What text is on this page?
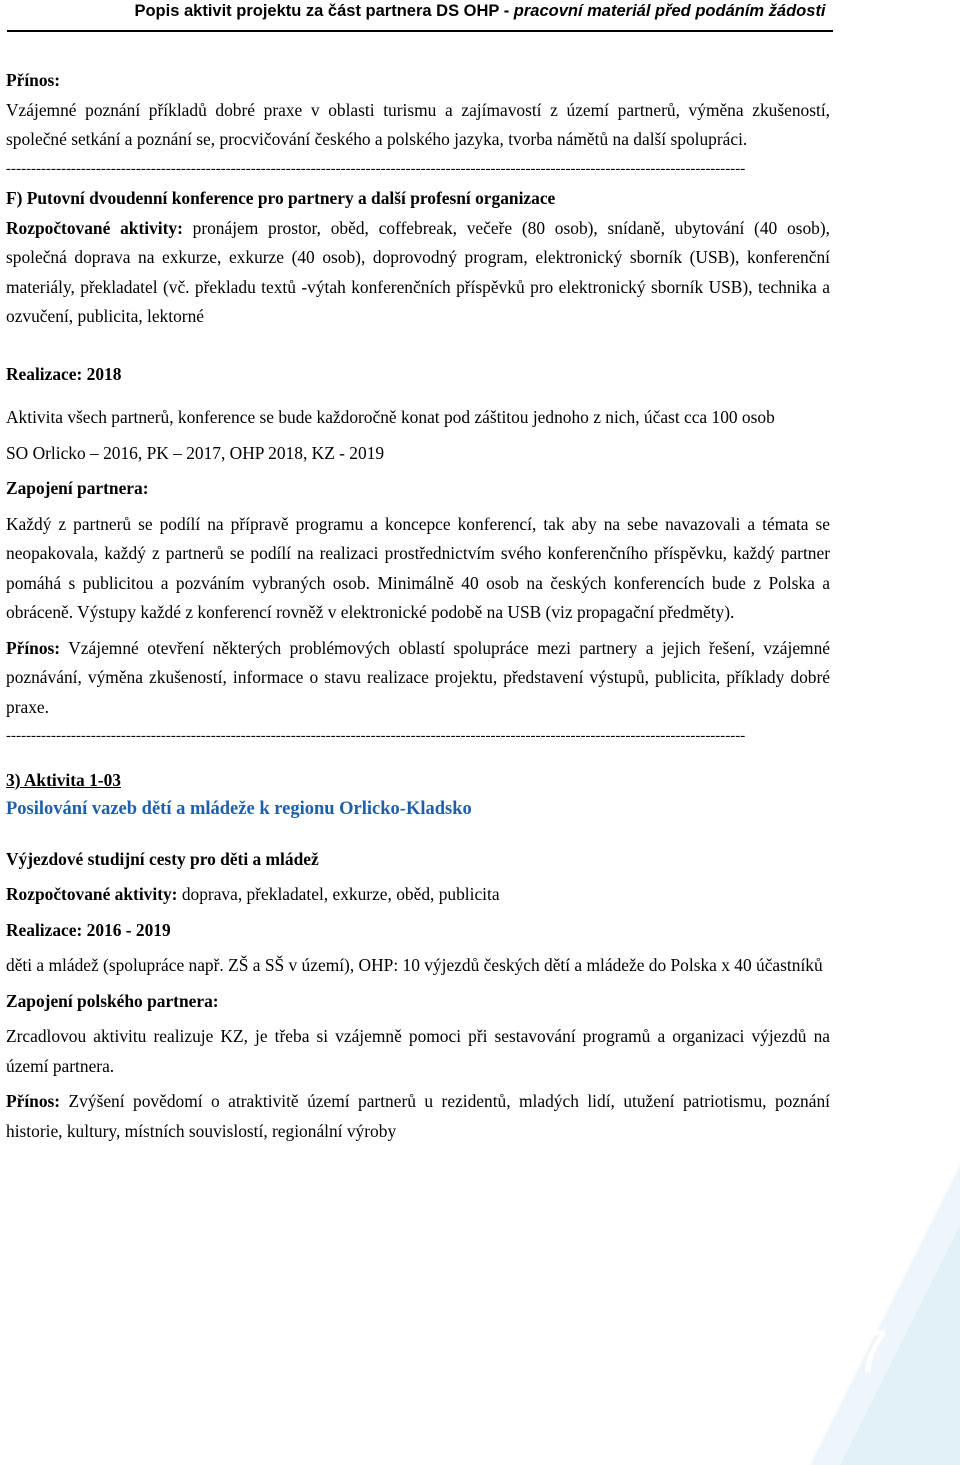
Popis aktivit projektu za část partnera DS OHP - pracovní materiál před podáním žádosti

Přínos:

Vzájemné poznání příkladů dobré praxe v oblasti turismu a zajímavostí z území partnerů, výměna zkušeností, společné setkání a poznání se, procvičování českého a polského jazyka, tvorba námětů na další spolupráci.

----------------------------------------------------------------------------------------------------------------------------------------------------

F) Putovní dvoudenní konference pro partnery a další profesní organizace

Rozpočtované aktivity: pronájem prostor, oběd, coffebreak, večeře (80 osob), snídaně, ubytování (40 osob), společná doprava na exkurze, exkurze (40 osob), doprovodný program, elektronický sborník (USB), konferenční materiály, překladatel (vč. překladu textů -výtah konferenčních příspěvků pro elektronický sborník USB), technika a ozvučení, publicita, lektorné

Realizace: 2018

Aktivita všech partnerů, konference se bude každoročně konat pod záštitou jednoho z nich, účast cca 100 osob

SO Orlicko – 2016, PK – 2017, OHP 2018, KZ - 2019

Zapojení partnera:

Každý z partnerů se podílí na přípravě programu a koncepce konferencí, tak aby na sebe navazovali a témata se neopakovala, každý z partnerů se podílí na realizaci prostřednictvím svého konferenčního příspěvku, každý partner pomáhá s publicitou a pozváním vybraných osob. Minimálně 40 osob na českých konferencích bude z Polska a obráceně. Výstupy každé z konferencí rovněž v elektronické podobě na USB (viz propagační předměty).

Přínos: Vzájemné otevření některých problémových oblastí spolupráce mezi partnery a jejich řešení, vzájemné poznávání, výměna zkušeností, informace o stavu realizace projektu, představení výstupů, publicita, příklady dobré praxe.

----------------------------------------------------------------------------------------------------------------------------------------------------

3) Aktivita 1-03

Posilování vazeb dětí a mládeže k regionu Orlicko-Kladsko

Výjezdové studijní cesty pro děti a mládež

Rozpočtované aktivity: doprava, překladatel, exkurze, oběd, publicita

Realizace: 2016 - 2019

děti a mládež (spolupráce např. ZŠ a SŠ v území), OHP: 10 výjezdů českých dětí a mládeže do Polska x 40 účastníků

Zapojení polského partnera:

Zrcadlovou aktivitu realizuje KZ, je třeba si vzájemně pomoci při sestavování programů a organizaci výjezdů na území partnera.

Přínos: Zvýšení povědomí o atraktivitě území partnerů u rezidentů, mladých lidí, utužení patriotismu, poznání historie, kultury, místních souvislostí, regionální výroby

7
